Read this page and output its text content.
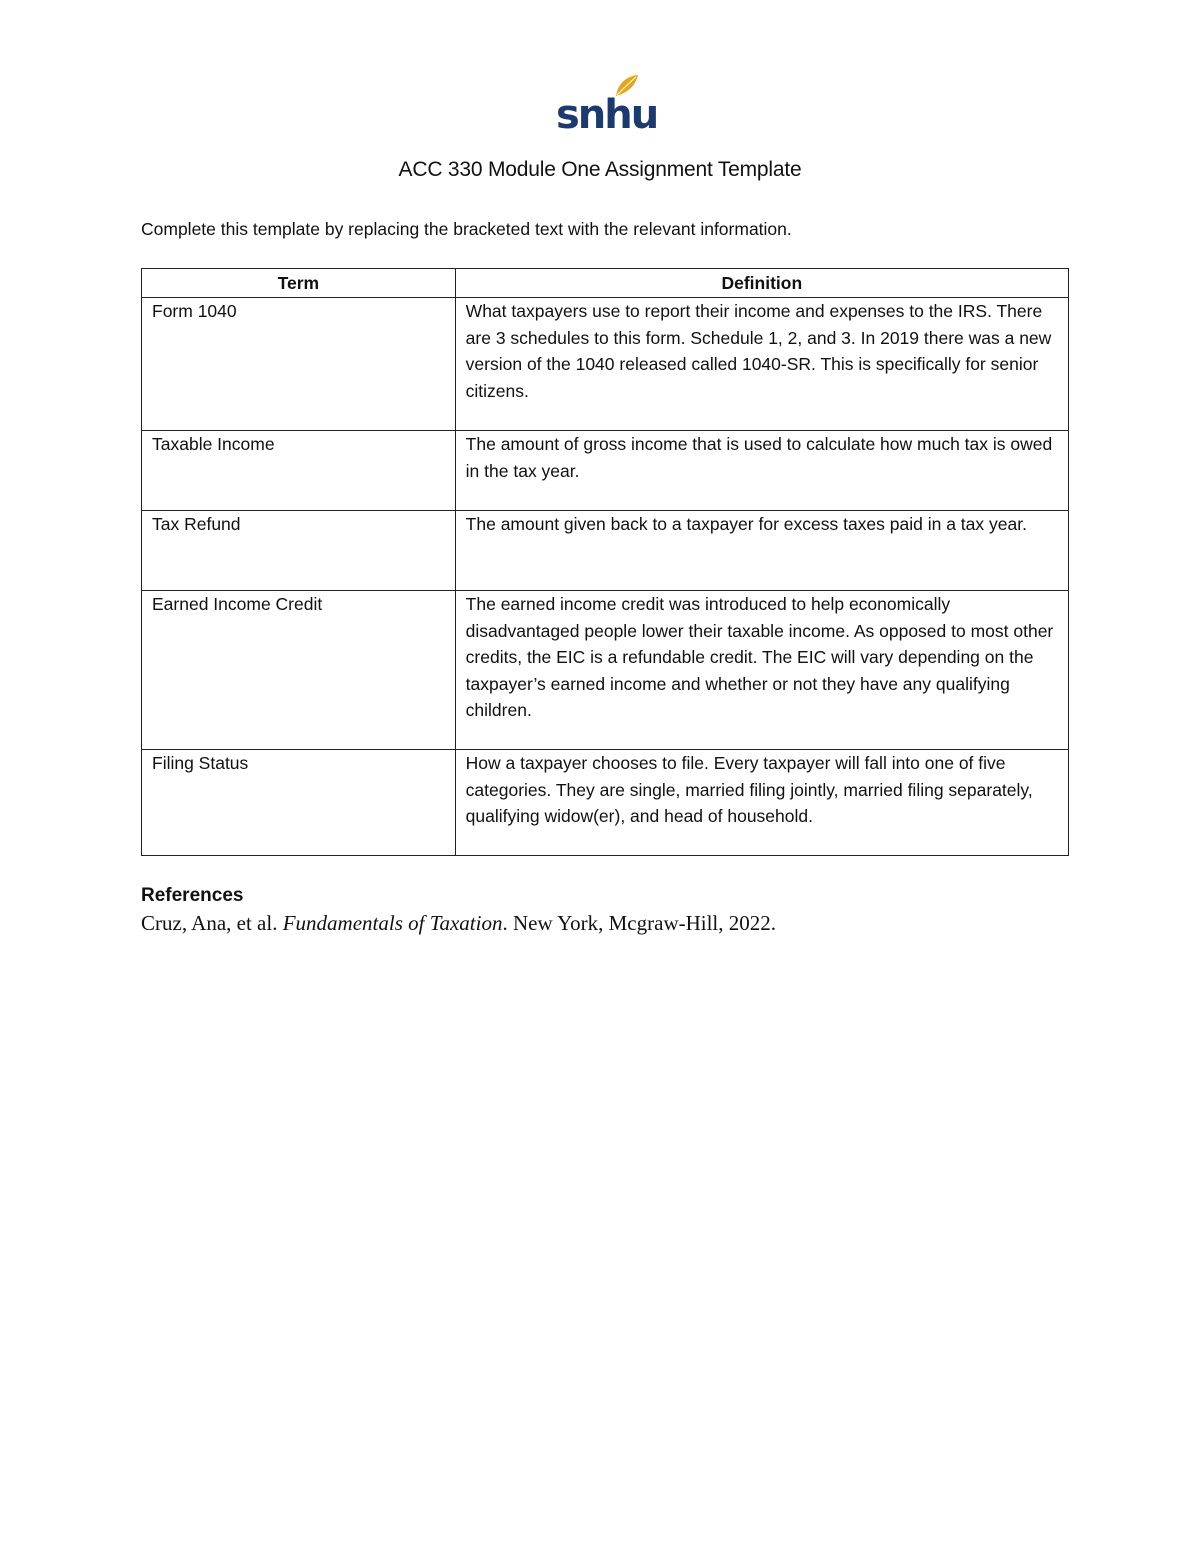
snhu
ACC 330 Module One Assignment Template

Complete this template by replacing the bracketed text with the relevant information.

Term	Definition
Form 1040	What taxpayers use to report their income and expenses to the IRS. There are 3 schedules to this form. Schedule 1, 2, and 3. In 2019 there was a new version of the 1040 released called 1040-SR. This is specifically for senior citizens.
Taxable Income	The amount of gross income that is used to calculate how much tax is owed in the tax year.
Tax Refund	The amount given back to a taxpayer for excess taxes paid in a tax year.
Earned Income Credit	The earned income credit was introduced to help economically disadvantaged people lower their taxable income. As opposed to most other credits, the EIC is a refundable credit. The EIC will vary depending on the taxpayer’s earned income and whether or not they have any qualifying children.
Filing Status	How a taxpayer chooses to file. Every taxpayer will fall into one of five categories. They are single, married filing jointly, married filing separately, qualifying widow(er), and head of household.
References

Cruz, Ana, et al. Fundamentals of Taxation. New York, Mcgraw-Hill, 2022.
